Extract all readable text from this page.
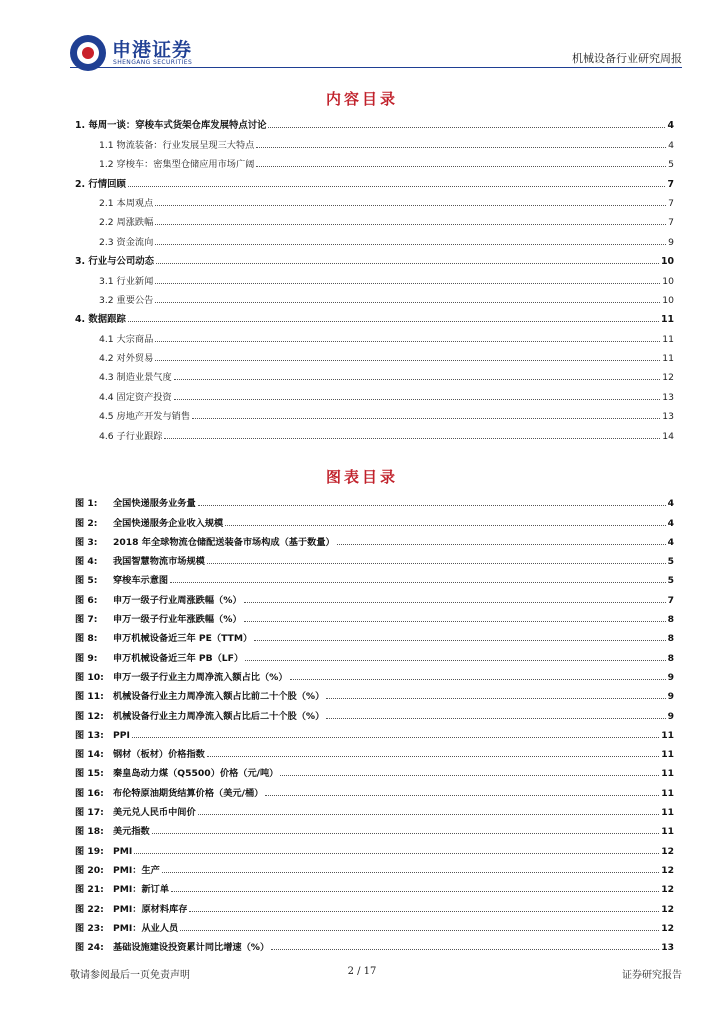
申港证券
SHENGANG SECURITIES	机械设备行业研究周报
内容目录
1. 每周一谈：穿梭车式货架仓库发展特点讨论	4
1.1 物流装备：行业发展呈现三大特点	4
1.2 穿梭车：密集型仓储应用市场广阔	5
2. 行情回顾	7
2.1 本周观点	7
2.2 周涨跌幅	7
2.3 资金流向	9
3. 行业与公司动态	10
3.1 行业新闻	10
3.2 重要公告	10
4. 数据跟踪	11
4.1 大宗商品	11
4.2 对外贸易	11
4.3 制造业景气度	12
4.4 固定资产投资	13
4.5 房地产开发与销售	13
4.6 子行业跟踪	14
图表目录
图 1:	全国快递服务业务量	4
图 2:	全国快递服务企业收入规模	4
图 3:	2018 年全球物流仓储配送装备市场构成（基于数量）	4
图 4:	我国智慧物流市场规模	5
图 5:	穿梭车示意图	5
图 6:	申万一级子行业周涨跌幅（%）	7
图 7:	申万一级子行业年涨跌幅（%）	8
图 8:	申万机械设备近三年 PE（TTM）	8
图 9:	申万机械设备近三年 PB（LF）	8
图 10: 申万一级子行业主力周净流入额占比（%）	9
图 11: 机械设备行业主力周净流入额占比前二十个股（%）	9
图 12: 机械设备行业主力周净流入额占比后二十个股（%）	9
图 13: PPI	11
图 14: 钢材（板材）价格指数	11
图 15: 秦皇岛动力煤（Q5500）价格（元/吨）	11
图 16: 布伦特原油期货结算价格（美元/桶）	11
图 17: 美元兑人民币中间价	11
图 18: 美元指数	11
图 19: PMI	12
图 20: PMI：生产	12
图 21: PMI：新订单	12
图 22: PMI：原材料库存	12
图 23: PMI：从业人员	12
图 24: 基础设施建设投资累计同比增速（%）	13
敬请参阅最后一页免责声明	2 / 17	证券研究报告
